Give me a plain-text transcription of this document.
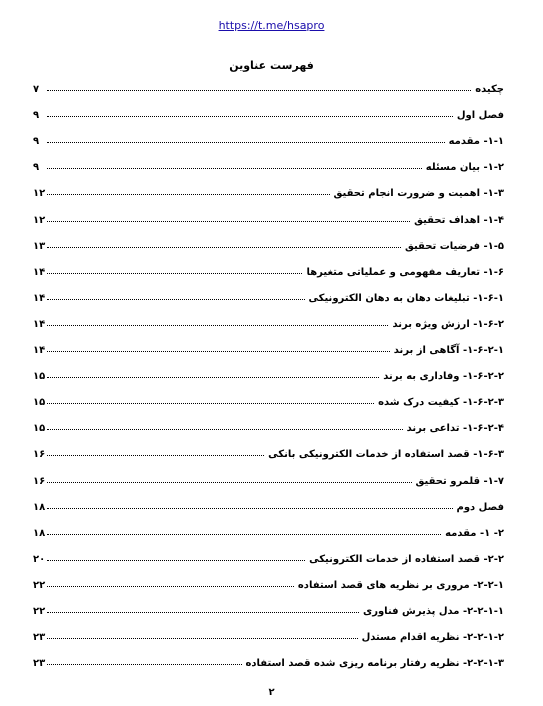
https://t.me/hsapro
فهرست عناوین
چکیده
۷
فصل اول
۹
۱-۱- مقدمه
۹
۱-۲- بیان مسئله
۹
۱-۳- اهمیت و ضرورت انجام تحقیق
۱۲
۱-۴- اهداف تحقیق
۱۲
۱-۵- فرضیات تحقیق
۱۳
۱-۶- تعاریف مفهومی و عملیاتی متغیرها
۱۴
۱-۶-۱- تبلیغات دهان به دهان الکترونیکی
۱۴
۱-۶-۲- ارزش ویژه برند
۱۴
۱-۶-۲-۱- آگاهی از برند
۱۴
۱-۶-۲-۲- وفاداری به برند
۱۵
۱-۶-۲-۳- کیفیت درک شده
۱۵
۱-۶-۲-۴- تداعی برند
۱۵
۱-۶-۳- قصد استفاده از خدمات الکترونیکی بانکی
۱۶
۱-۷- قلمرو تحقیق
۱۶
فصل دوم
۱۸
۲- ۱- مقدمه
۱۸
۲-۲- قصد استفاده از خدمات الکترونیکی
۲۰
۲-۲-۱- مروری بر نظریه های قصد استفاده
۲۲
۲-۲-۱-۱- مدل پذیرش فناوری
۲۲
۲-۲-۱-۲- نظریه اقدام مستدل
۲۳
۲-۲-۱-۳- نظریه رفتار برنامه ریزی شده قصد استفاده
۲۳
۲
